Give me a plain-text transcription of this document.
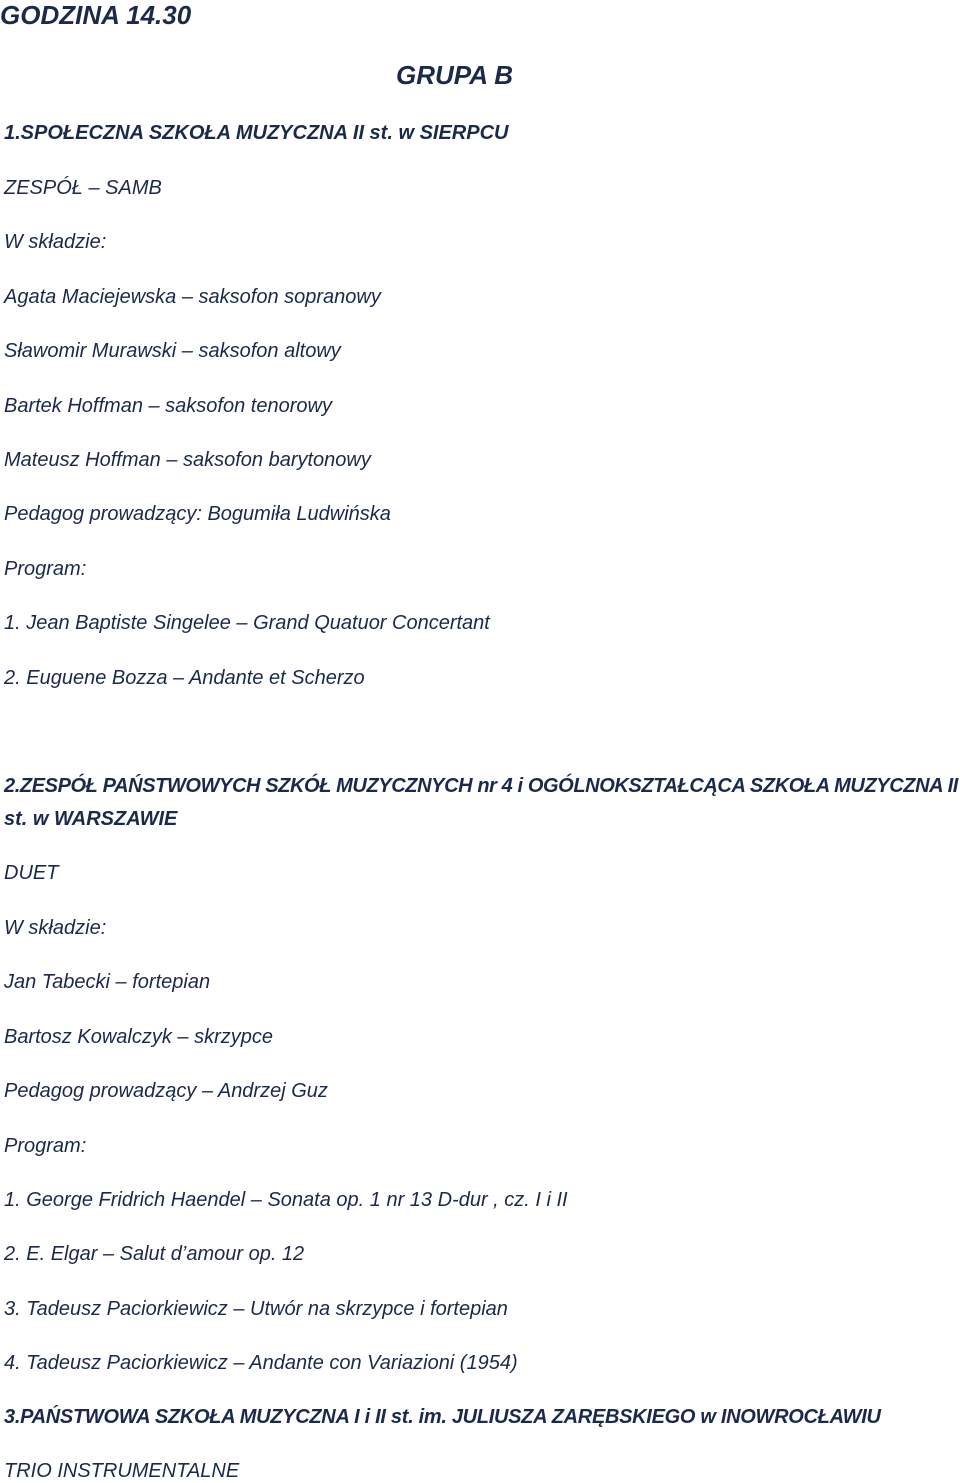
GODZINA 14.30
GRUPA B
1.SPOŁECZNA SZKOŁA MUZYCZNA II st. w SIERPCU
ZESPÓŁ – SAMB
W składzie:
Agata Maciejewska – saksofon sopranowy
Sławomir Murawski – saksofon altowy
Bartek Hoffman – saksofon tenorowy
Mateusz Hoffman – saksofon barytonowy
Pedagog prowadzący: Bogumiła Ludwińska
Program:
1. Jean Baptiste Singelee – Grand Quatuor Concertant
2. Euguene Bozza – Andante et Scherzo
2.ZESPÓŁ PAŃSTWOWYCH SZKÓŁ MUZYCZNYCH nr 4 i OGÓLNOKSZTAŁCĄCA SZKOŁA MUZYCZNA II
st. w WARSZAWIE
DUET
W składzie:
Jan Tabecki – fortepian
Bartosz Kowalczyk – skrzypce
Pedagog prowadzący – Andrzej Guz
Program:
1. George Fridrich Haendel – Sonata op. 1 nr 13 D-dur , cz. I i II
2. E. Elgar – Salut d’amour op. 12
3. Tadeusz Paciorkiewicz – Utwór na skrzypce i fortepian
4. Tadeusz Paciorkiewicz – Andante con Variazioni (1954)
3.PAŃSTWOWA SZKOŁA MUZYCZNA I i II st. im. JULIUSZA ZARĘBSKIEGO w INOWROCŁAWIU
TRIO INSTRUMENTALNE
